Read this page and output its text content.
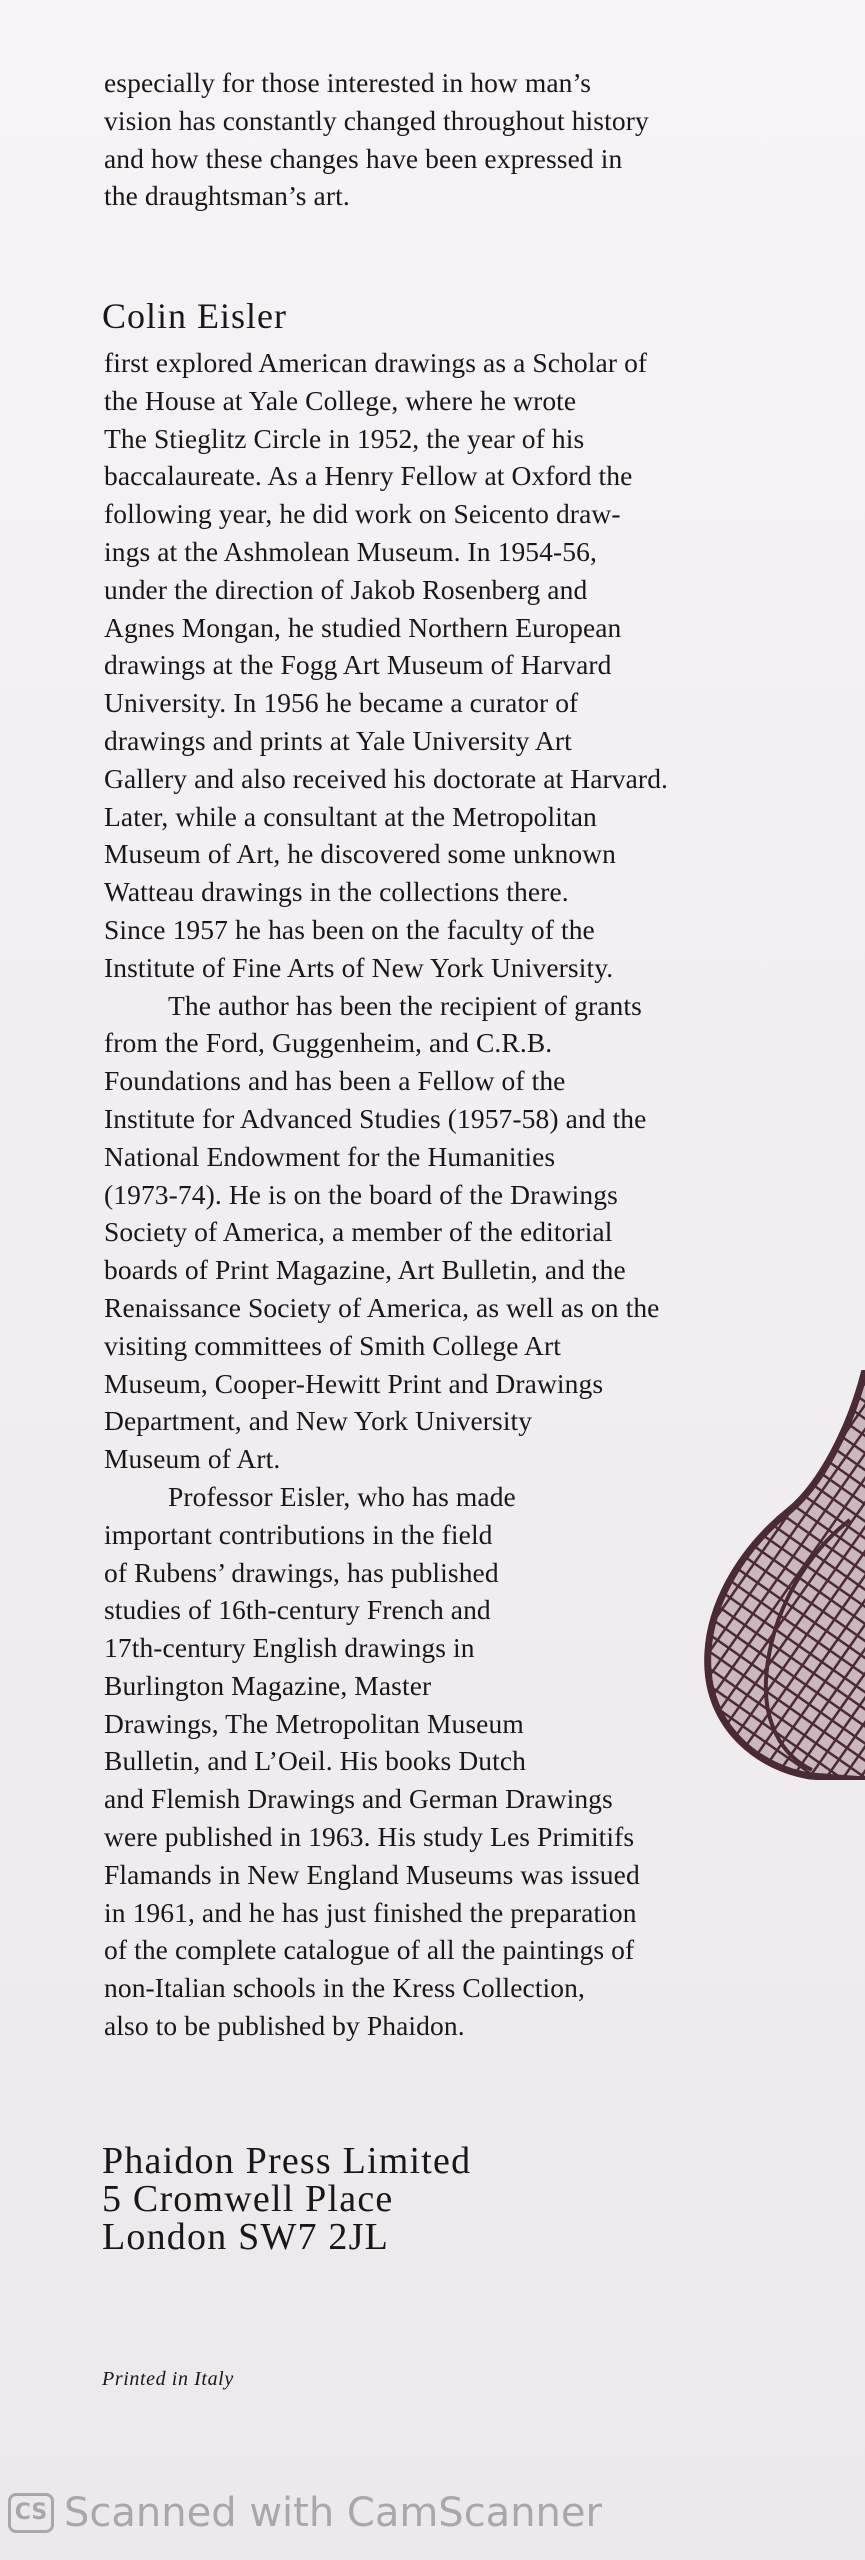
especially for those interested in how man’s
vision has constantly changed throughout history
and how these changes have been expressed in
the draughtsman’s art.
Colin Eisler
first explored American drawings as a Scholar of
the House at Yale College, where he wrote
The Stieglitz Circle in 1952, the year of his
baccalaureate. As a Henry Fellow at Oxford the
following year, he did work on Seicento draw-
ings at the Ashmolean Museum. In 1954-56,
under the direction of Jakob Rosenberg and
Agnes Mongan, he studied Northern European
drawings at the Fogg Art Museum of Harvard
University. In 1956 he became a curator of
drawings and prints at Yale University Art
Gallery and also received his doctorate at Harvard.
Later, while a consultant at the Metropolitan
Museum of Art, he discovered some unknown
Watteau drawings in the collections there.
Since 1957 he has been on the faculty of the
Institute of Fine Arts of New York University.
The author has been the recipient of grants
from the Ford, Guggenheim, and C.R.B.
Foundations and has been a Fellow of the
Institute for Advanced Studies (1957-58) and the
National Endowment for the Humanities
(1973-74). He is on the board of the Drawings
Society of America, a member of the editorial
boards of Print Magazine, Art Bulletin, and the
Renaissance Society of America, as well as on the
visiting committees of Smith College Art
Museum, Cooper-Hewitt Print and Drawings
Department, and New York University
Museum of Art.
Professor Eisler, who has made
important contributions in the field
of Rubens’ drawings, has published
studies of 16th-century French and
17th-century English drawings in
Burlington Magazine, Master
Drawings, The Metropolitan Museum
Bulletin, and L’Oeil. His books Dutch
and Flemish Drawings and German Drawings
were published in 1963. His study Les Primitifs
Flamands in New England Museums was issued
in 1961, and he has just finished the preparation
of the complete catalogue of all the paintings of
non-Italian schools in the Kress Collection,
also to be published by Phaidon.
Phaidon Press Limited
5 Cromwell Place
London SW7 2JL
Printed in Italy
CS Scanned with CamScanner
